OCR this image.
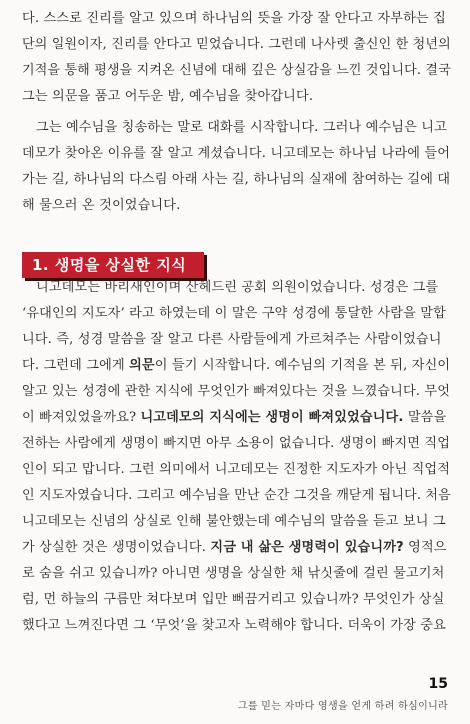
다. 스스로 진리를 알고 있으며 하나님의 뜻을 가장 잘 안다고 자부하는 집
단의 일원이자, 진리를 안다고 믿었습니다. 그런데 나사렛 출신인 한 청년의
기적을 통해 평생을 지켜온 신념에 대해 깊은 상실감을 느낀 것입니다. 결국
그는 의문을 품고 어두운 밤, 예수님을 찾아갑니다.
그는 예수님을 칭송하는 말로 대화를 시작합니다. 그러나 예수님은 니고
데모가 찾아온 이유를 잘 알고 계셨습니다. 니고데모는 하나님 나라에 들어
가는 길, 하나님의 다스림 아래 사는 길, 하나님의 실재에 참여하는 길에 대
해 물으러 온 것이었습니다.
1. 생명을 상실한 지식
니고데모는 바리새인이며 산헤드린 공회 의원이었습니다. 성경은 그를
‘유대인의 지도자’ 라고 하였는데 이 말은 구약 성경에 통달한 사람을 말합
니다. 즉, 성경 말씀을 잘 알고 다른 사람들에게 가르쳐주는 사람이었습니
다. 그런데 그에게 의문이 들기 시작합니다. 예수님의 기적을 본 뒤, 자신이
알고 있는 성경에 관한 지식에 무엇인가 빠져있다는 것을 느꼈습니다. 무엇
이 빠져있었을까요? 니고데모의 지식에는 생명이 빠져있었습니다. 말씀을
전하는 사람에게 생명이 빠지면 아무 소용이 없습니다. 생명이 빠지면 직업
인이 되고 맙니다. 그런 의미에서 니고데모는 진정한 지도자가 아닌 직업적
인 지도자였습니다. 그리고 예수님을 만난 순간 그것을 깨닫게 됩니다. 처음
니고데모는 신념의 상실로 인해 불안했는데 예수님의 말씀을 듣고 보니 그
가 상실한 것은 생명이었습니다. 지금 내 삶은 생명력이 있습니까? 영적으
로 숨을 쉬고 있습니까? 아니면 생명을 상실한 채 낚싯줄에 걸린 물고기처
럼, 먼 하늘의 구름만 쳐다보며 입만 뻐끔거리고 있습니까? 무엇인가 상실
했다고 느껴진다면 그 ‘무엇’을 찾고자 노력해야 합니다. 더욱이 가장 중요
15
그를 믿는 자마다 영생을 얻게 하려 하심이니라
